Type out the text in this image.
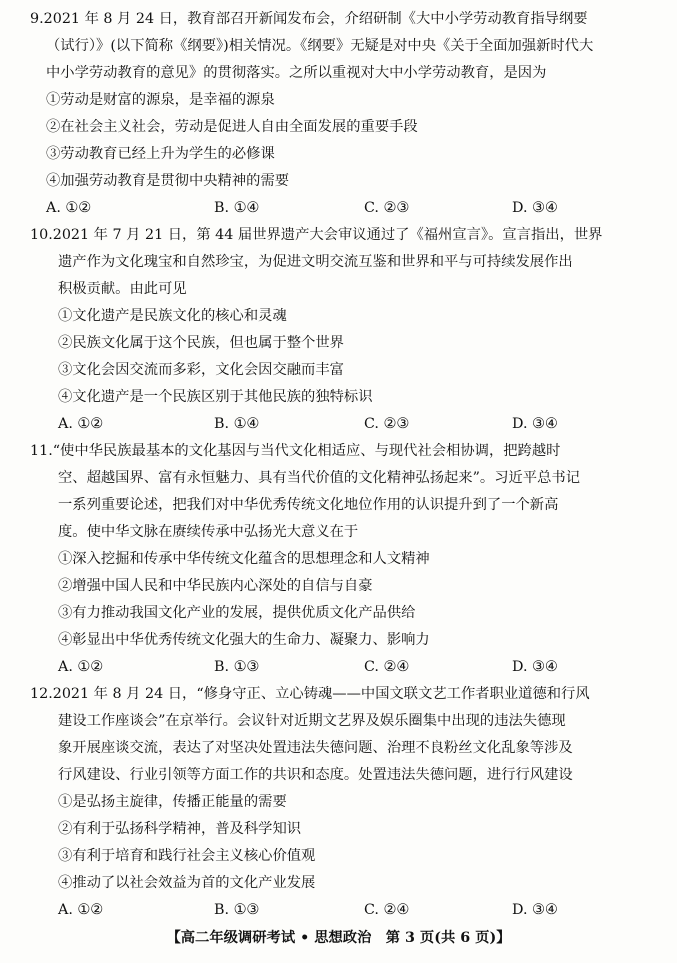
9.2021 年 8 月 24 日，教育部召开新闻发布会，介绍研制《大中小学劳动教育指导纲要
（试行）》(以下简称《纲要》)相关情况。《纲要》无疑是对中央《关于全面加强新时代大
中小学劳动教育的意见》的贯彻落实。之所以重视对大中小学劳动教育，是因为
①劳动是财富的源泉，是幸福的源泉
②在社会主义社会，劳动是促进人自由全面发展的重要手段
③劳动教育已经上升为学生的必修课
④加强劳动教育是贯彻中央精神的需要
A. ①②	B. ①④	C. ②③	D. ③④
10.2021 年 7 月 21 日，第 44 届世界遗产大会审议通过了《福州宣言》。宣言指出，世界
遗产作为文化瑰宝和自然珍宝，为促进文明交流互鉴和世界和平与可持续发展作出
积极贡献。由此可见
①文化遗产是民族文化的核心和灵魂
②民族文化属于这个民族，但也属于整个世界
③文化会因交流而多彩，文化会因交融而丰富
④文化遗产是一个民族区别于其他民族的独特标识
A. ①②	B. ①④	C. ②③	D. ③④
11.“使中华民族最基本的文化基因与当代文化相适应、与现代社会相协调，把跨越时
空、超越国界、富有永恒魅力、具有当代价值的文化精神弘扬起来”。习近平总书记
一系列重要论述，把我们对中华优秀传统文化地位作用的认识提升到了一个新高
度。使中华文脉在赓续传承中弘扬光大意义在于
①深入挖掘和传承中华传统文化蕴含的思想理念和人文精神
②增强中国人民和中华民族内心深处的自信与自豪
③有力推动我国文化产业的发展，提供优质文化产品供给
④彰显出中华优秀传统文化强大的生命力、凝聚力、影响力
A. ①②	B. ①③	C. ②④	D. ③④
12.2021 年 8 月 24 日，“修身守正、立心铸魂——中国文联文艺工作者职业道德和行风
建设工作座谈会”在京举行。会议针对近期文艺界及娱乐圈集中出现的违法失德现
象开展座谈交流，表达了对坚决处置违法失德问题、治理不良粉丝文化乱象等涉及
行风建设、行业引领等方面工作的共识和态度。处置违法失德问题，进行行风建设
①是弘扬主旋律，传播正能量的需要
②有利于弘扬科学精神，普及科学知识
③有利于培育和践行社会主义核心价值观
④推动了以社会效益为首的文化产业发展
A. ①②	B. ①③	C. ②④	D. ③④
【高二年级调研考试 • 思想政治　第 3 页(共 6 页)】
